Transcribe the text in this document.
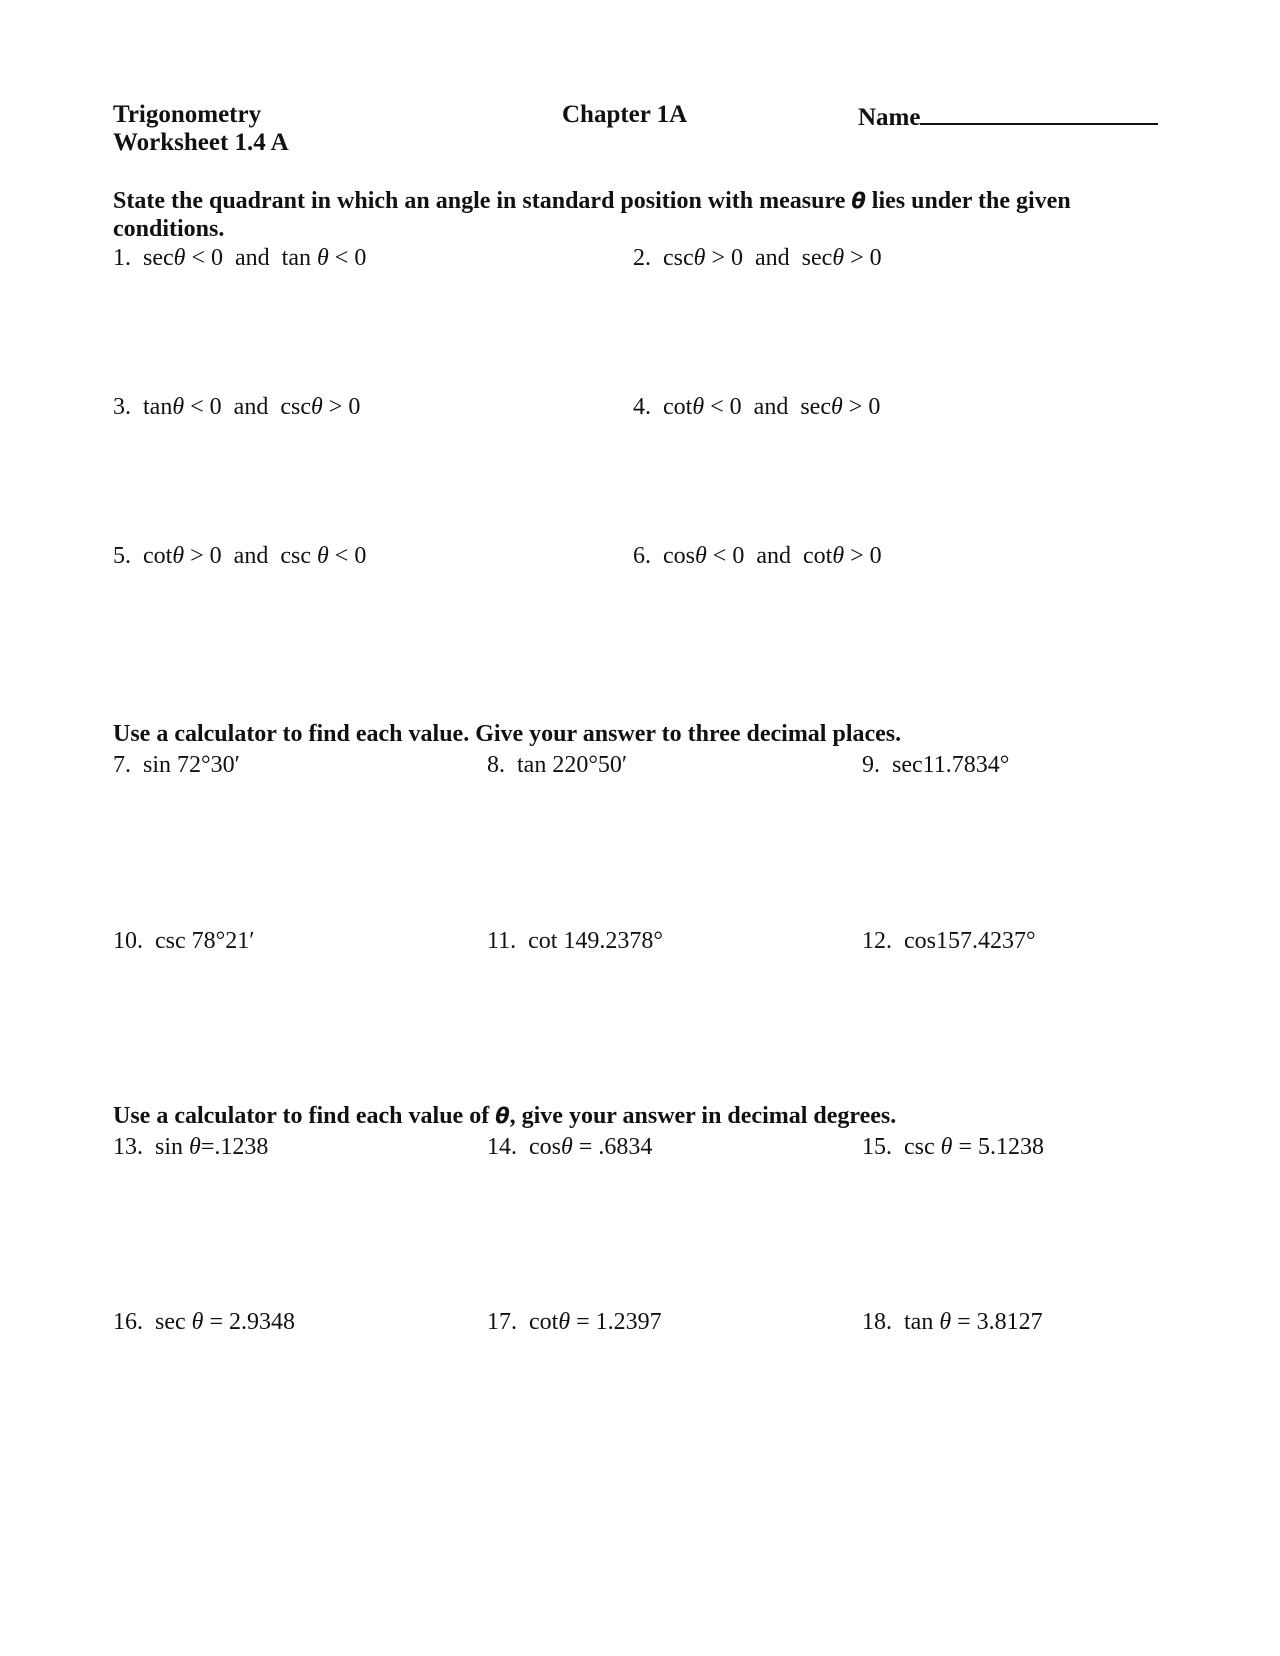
Trigonometry
Worksheet 1.4 A
Chapter 1A	Name
State the quadrant in which an angle in standard position with measure θ lies under the given
conditions.
1. secθ < 0 and tan θ < 0	2. cscθ > 0 and secθ > 0
3. tanθ < 0 and cscθ > 0	4. cotθ < 0 and secθ > 0
5. cotθ > 0 and csc θ < 0	6. cosθ < 0 and cotθ > 0
Use a calculator to find each value. Give your answer to three decimal places.
7. sin 72°30′	8. tan 220°50′	9. sec11.7834°
10. csc 78°21′	11. cot 149.2378°	12. cos157.4237°
Use a calculator to find each value of θ, give your answer in decimal degrees.
13. sin θ=.1238	14. cosθ = .6834	15. csc θ = 5.1238
16. sec θ = 2.9348	17. cotθ = 1.2397	18. tan θ = 3.8127
